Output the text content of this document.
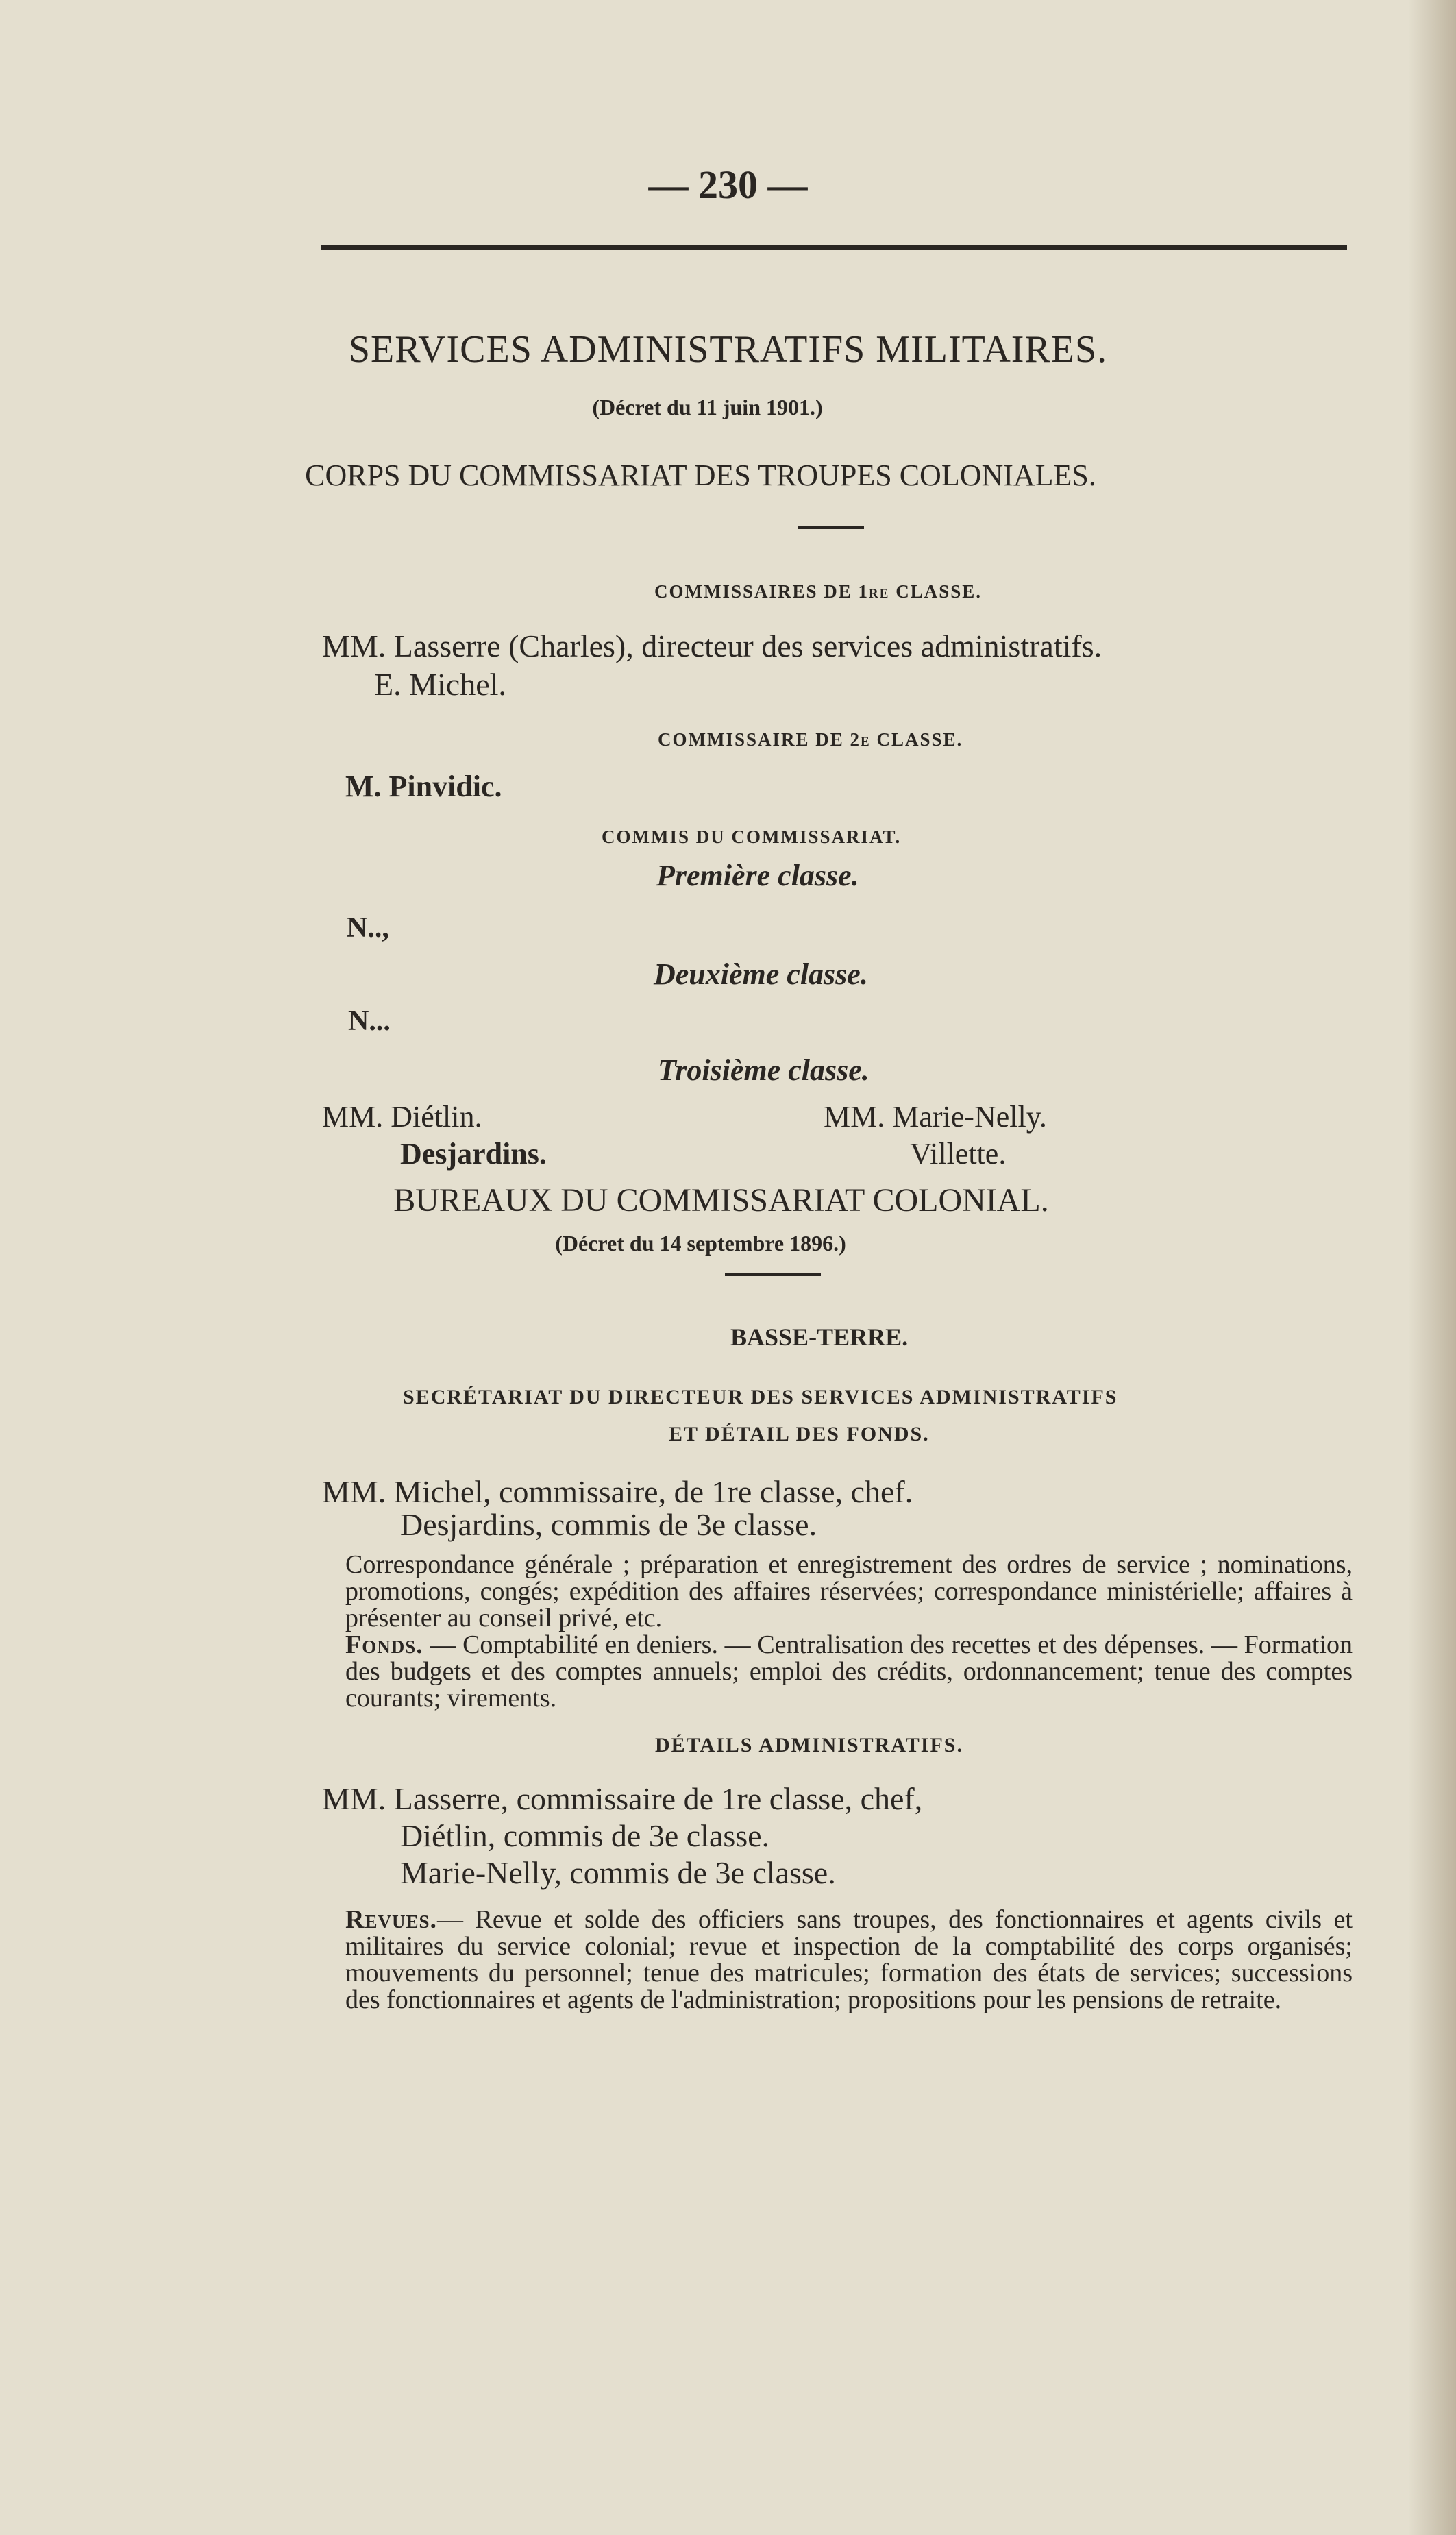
— 230 —
SERVICES ADMINISTRATIFS MILITAIRES.
(Décret du 11 juin 1901.)
CORPS DU COMMISSARIAT DES TROUPES COLONIALES.
COMMISSAIRES DE 1re CLASSE.
MM. Lasserre (Charles), directeur des services administratifs.
E. Michel.
COMMISSAIRE DE 2e CLASSE.
M. Pinvidic.
COMMIS DU COMMISSARIAT.
Première classe.
N..,
Deuxième classe.
N...
Troisième classe.
MM. Diétlin.
Desjardins.
MM. Marie-Nelly.
Villette.
BUREAUX DU COMMISSARIAT COLONIAL.
(Décret du 14 septembre 1896.)
BASSE-TERRE.
SECRÉTARIAT DU DIRECTEUR DES SERVICES ADMINISTRATIFS
ET DÉTAIL DES FONDS.
MM. Michel, commissaire, de 1re classe, chef.
Desjardins, commis de 3e classe.

Correspondance générale ; préparation et enregistrement des ordres de service ; nominations, promotions, congés; expédition des affaires réservées; correspondance ministérielle; affaires à présenter au conseil privé, etc.

Fonds. — Comptabilité en deniers. — Centralisation des recettes et des dépenses. — Formation des budgets et des comptes annuels; emploi des crédits, ordonnancement; tenue des comptes courants; virements.

DÉTAILS ADMINISTRATIFS.
MM. Lasserre, commissaire de 1re classe, chef,
Diétlin, commis de 3e classe.
Marie-Nelly, commis de 3e classe.

Revues.— Revue et solde des officiers sans troupes, des fonctionnaires et agents civils et militaires du service colonial; revue et inspection de la comptabilité des corps organisés; mouvements du personnel; tenue des matricules; formation des états de services; successions des fonctionnaires et agents de l'administration; propositions pour les pensions de retraite.
